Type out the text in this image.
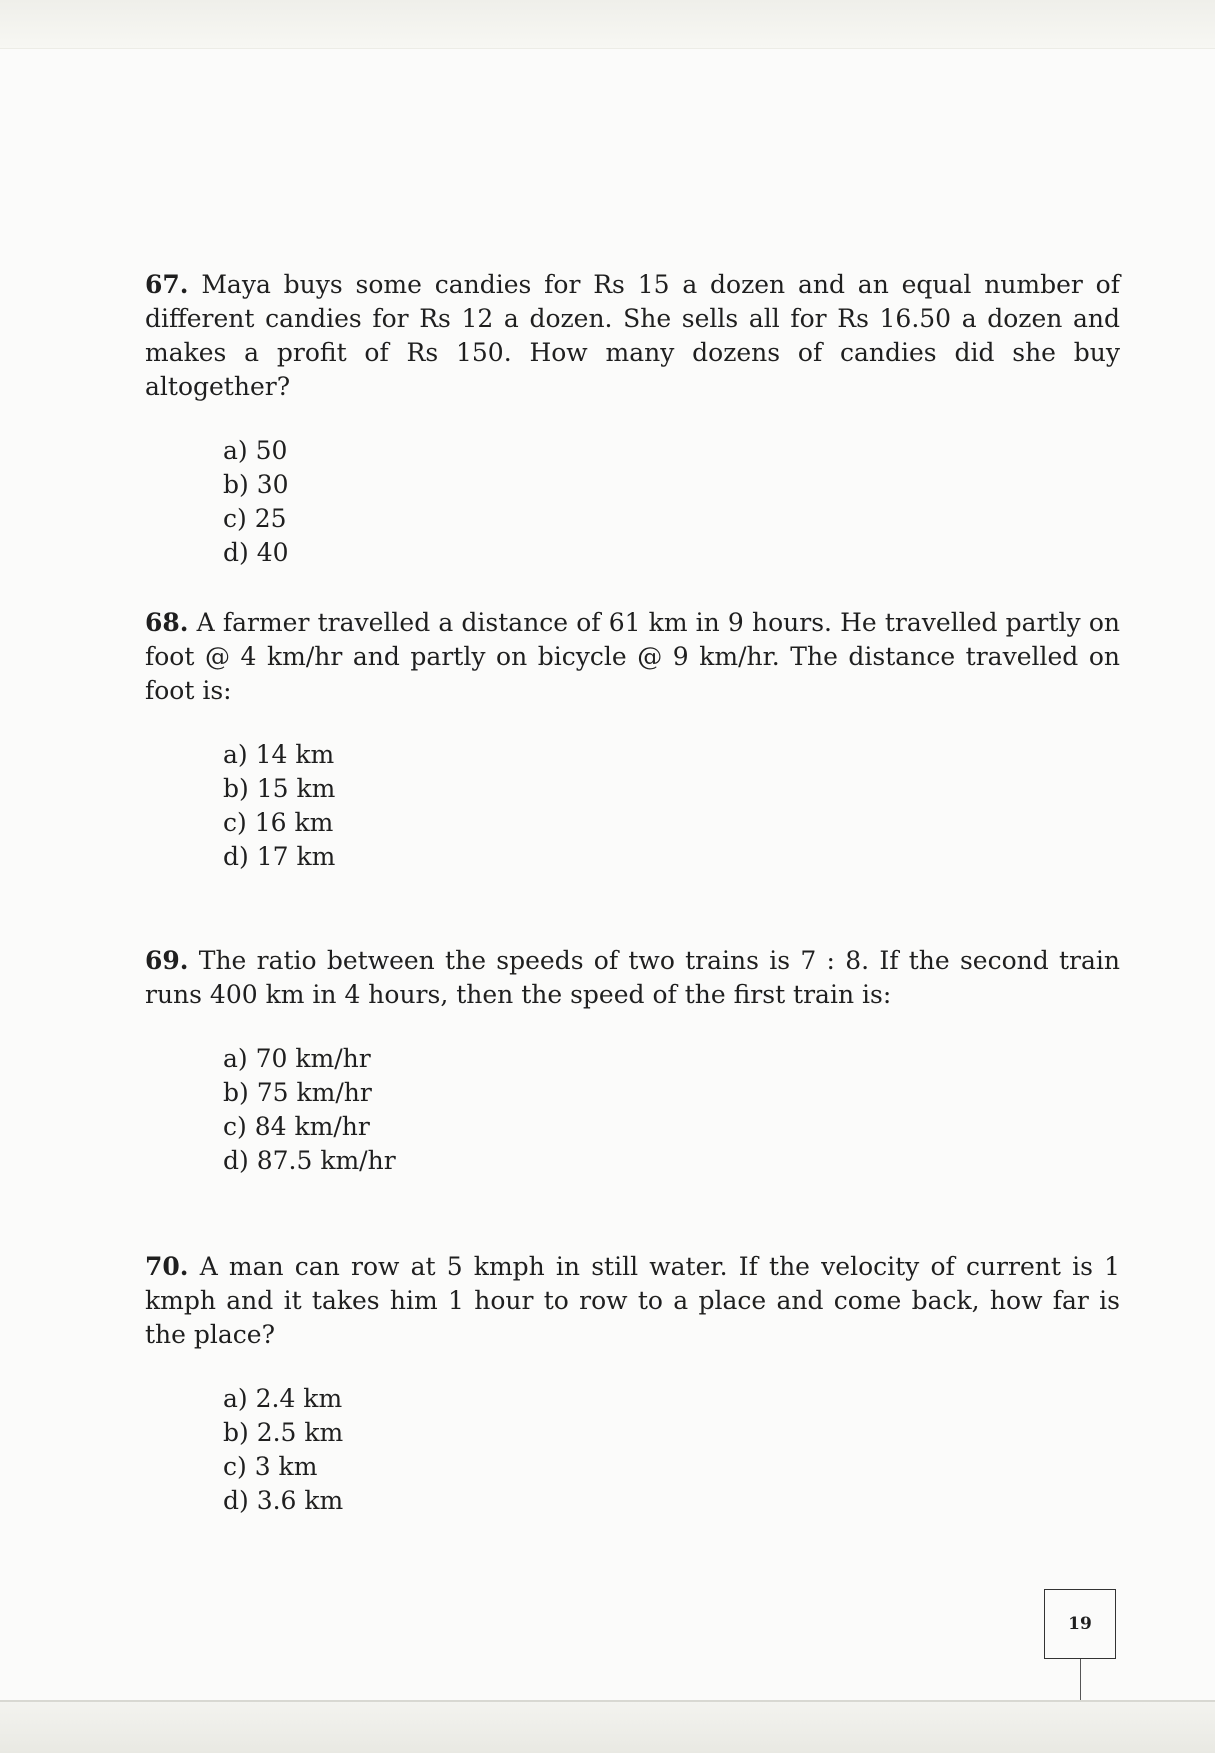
67. Maya buys some candies for Rs 15 a dozen and an equal number of different candies for Rs 12 a dozen. She sells all for Rs 16.50 a dozen and makes a profit of Rs 150. How many dozens of candies did she buy altogether?

a) 50
b) 30
c) 25
d) 40

68. A farmer travelled a distance of 61 km in 9 hours. He travelled partly on foot @ 4 km/hr and partly on bicycle @ 9 km/hr. The distance travelled on foot is:

a) 14 km
b) 15 km
c) 16 km
d) 17 km

69. The ratio between the speeds of two trains is 7 : 8. If the second train runs 400 km in 4 hours, then the speed of the first train is:

a) 70 km/hr
b) 75 km/hr
c) 84 km/hr
d) 87.5 km/hr

70. A man can row at 5 kmph in still water. If the velocity of current is 1 kmph and it takes him 1 hour to row to a place and come back, how far is the place?

a) 2.4 km
b) 2.5 km
c) 3 km
d) 3.6 km
19
